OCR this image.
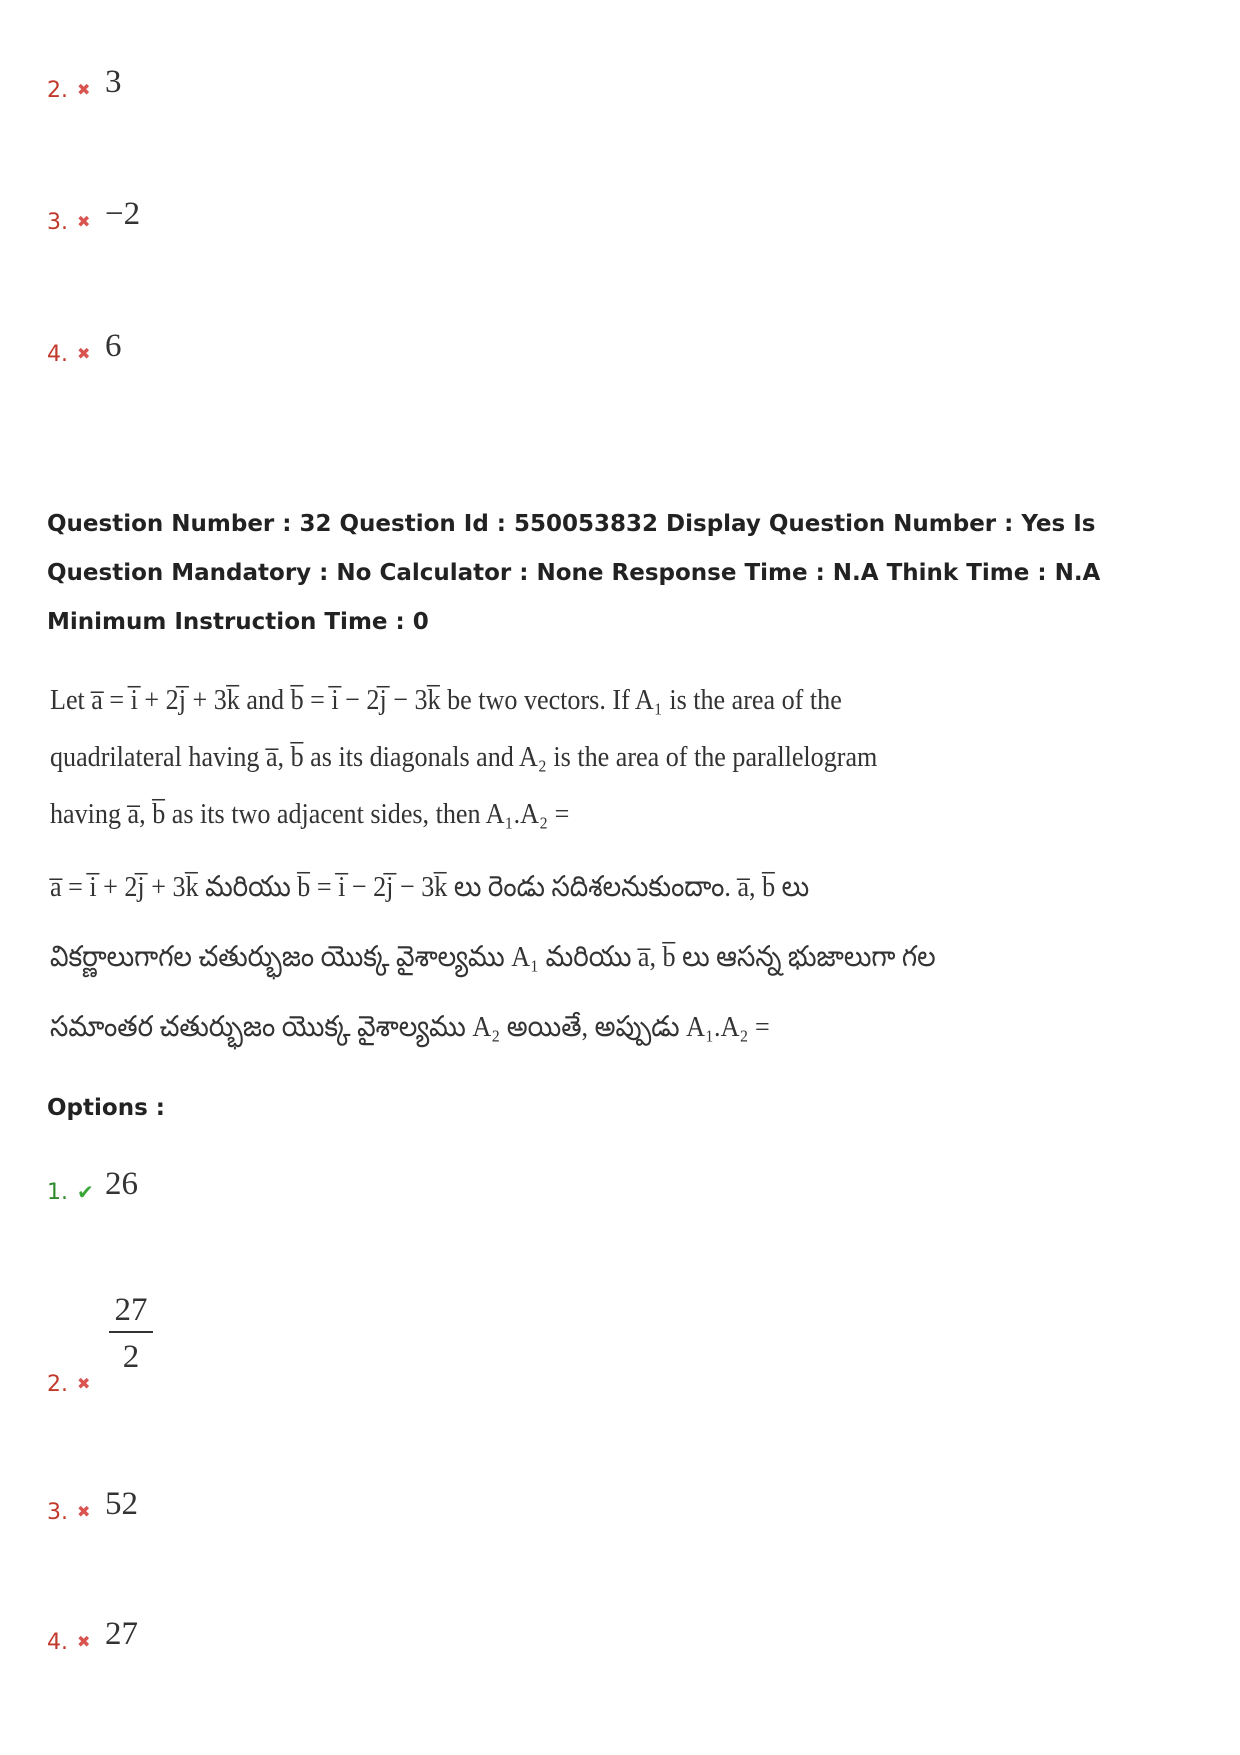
2. ✖ 3
3. ✖ −2
4. ✖ 6
Question Number : 32 Question Id : 550053832 Display Question Number : Yes Is Question Mandatory : No Calculator : None Response Time : N.A Think Time : N.A Minimum Instruction Time : 0
Let a̅ = i̅ + 2j̅ + 3k̅ and b̅ = i̅ − 2j̅ − 3k̅ be two vectors. If A₁ is the area of the
quadrilateral having a̅, b̅ as its diagonals and A₂ is the area of the parallelogram
having a̅, b̅ as its two adjacent sides, then A₁.A₂ =
a̅ = i̅ + 2j̅ + 3k̅ మరియు b̅ = i̅ − 2j̅ − 3k̅ లు రెండు సదిశలనుకుందాం. a̅, b̅ లు
వికర్ణాలుగాగల చతుర్భుజం యొక్క వైశాల్యము A₁ మరియు a̅, b̅ లు ఆసన్న భుజాలుగా గల
సమాంతర చతుర్భుజం యొక్క వైశాల్యము A₂ అయితే, అప్పుడు A₁.A₂ =
Options :
1. ✔ 26
2. ✖
$\frac{27}{2}$
3. ✖ 52
4. ✖ 27
